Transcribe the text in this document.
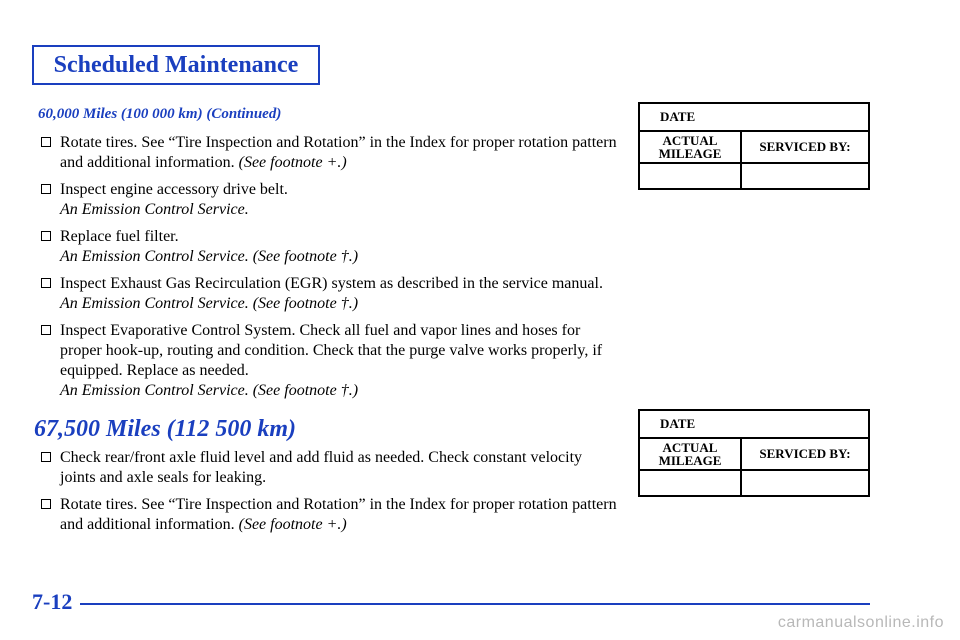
Scheduled Maintenance
60,000 Miles (100 000 km) (Continued)
Rotate tires. See “Tire Inspection and Rotation” in the Index for proper rotation pattern and additional information. (See footnote +.)
Inspect engine accessory drive belt.
An Emission Control Service.
Replace fuel filter.
An Emission Control Service. (See footnote †.)
Inspect Exhaust Gas Recirculation (EGR) system as described in the service manual.
An Emission Control Service. (See footnote †.)
Inspect Evaporative Control System. Check all fuel and vapor lines and hoses for proper hook-up, routing and condition. Check that the purge valve works properly, if equipped. Replace as needed.
An Emission Control Service. (See footnote †.)
67,500 Miles (112 500 km)
Check rear/front axle fluid level and add fluid as needed. Check constant velocity joints and axle seals for leaking.
Rotate tires. See “Tire Inspection and Rotation” in the Index for proper rotation pattern and additional information. (See footnote +.)
DATE	
ACTUAL
MILEAGE	SERVICED BY:

DATE	
ACTUAL
MILEAGE	SERVICED BY:

7-12
carmanualsonline.info
